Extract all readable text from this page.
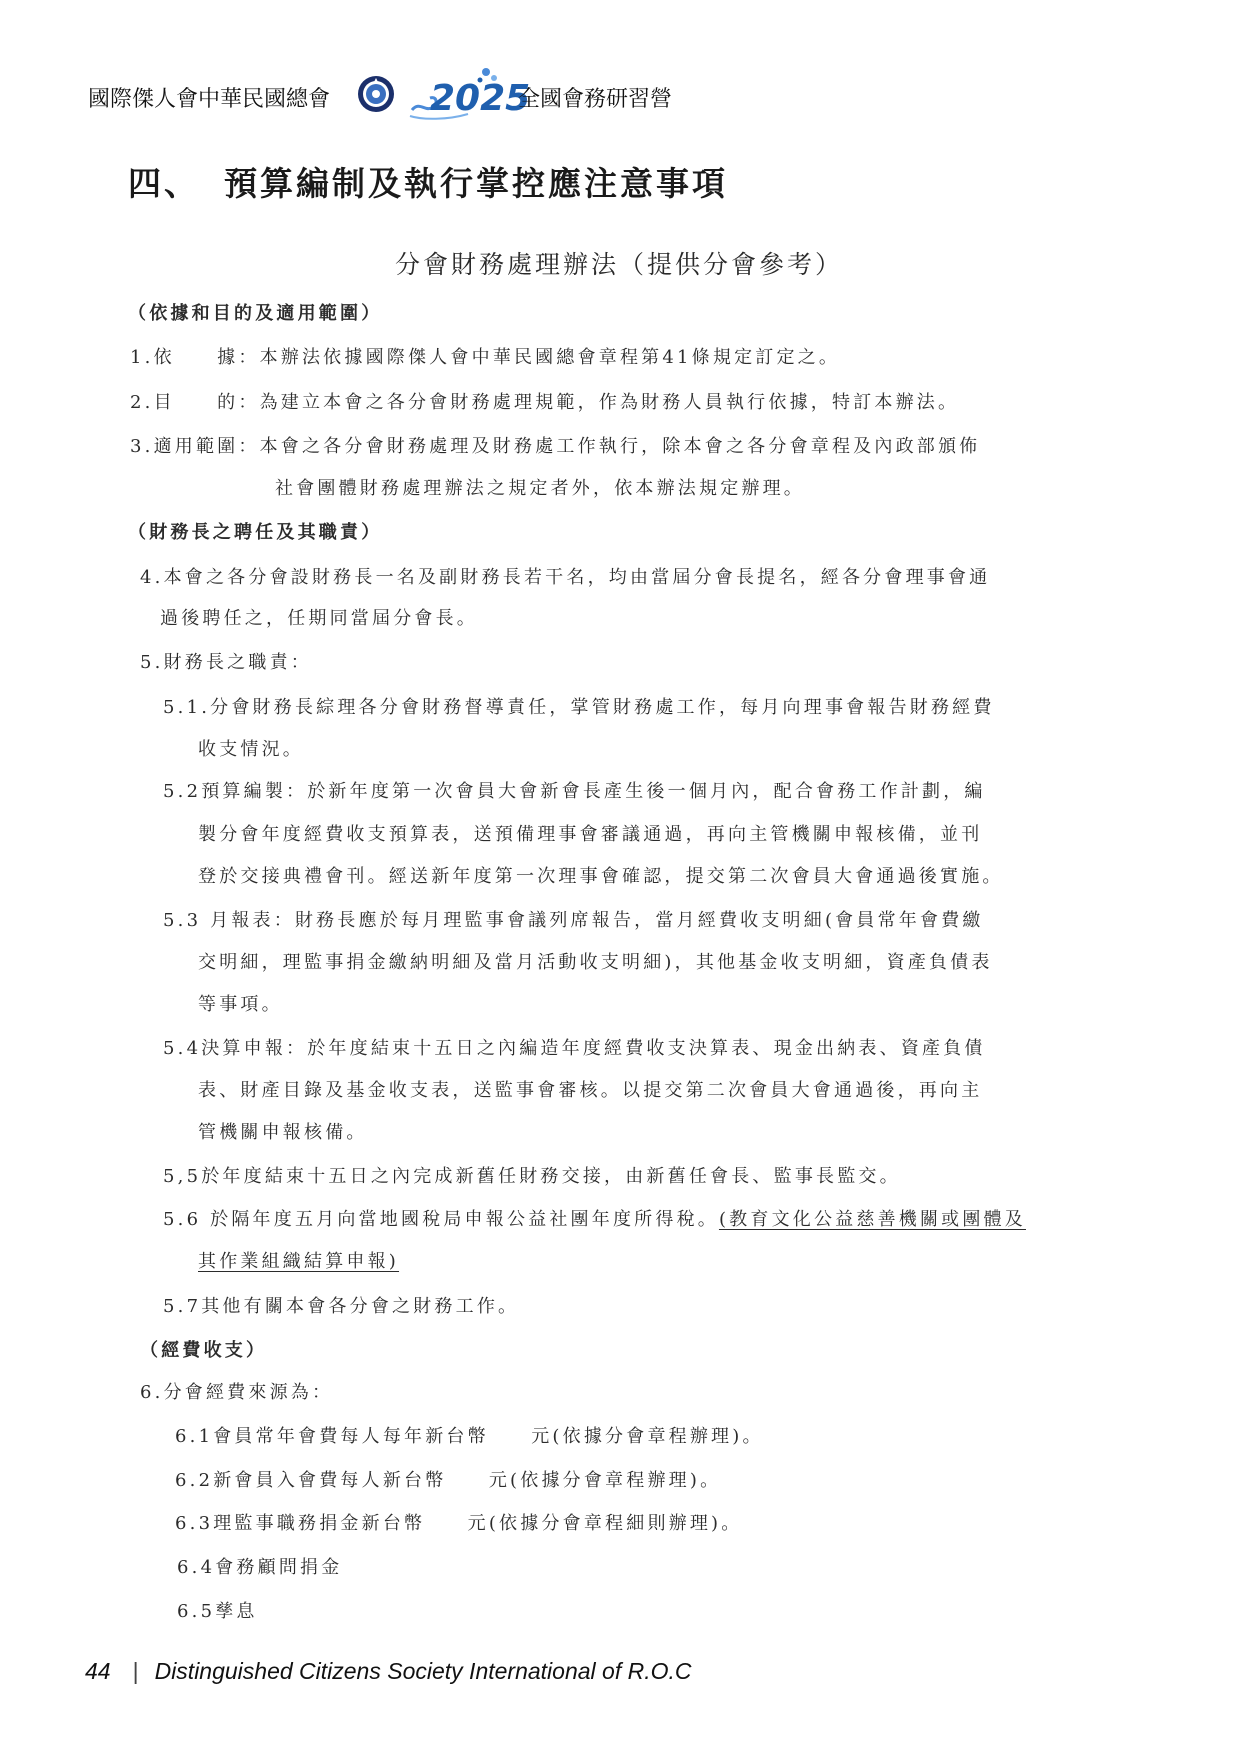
國際傑人會中華民國總會	2025
全國會務研習營
四、 預算編制及執行掌控應注意事項
分會財務處理辦法（提供分會參考）
（依據和目的及適用範圍）
1.依　　據：本辦法依據國際傑人會中華民國總會章程第41條規定訂定之。
2.目　　的：為建立本會之各分會財務處理規範，作為財務人員執行依據，特訂本辦法。
3.適用範圍：本會之各分會財務處理及財務處工作執行，除本會之各分會章程及內政部頒佈
社會團體財務處理辦法之規定者外，依本辦法規定辦理。
（財務長之聘任及其職責）
4.本會之各分會設財務長一名及副財務長若干名，均由當屆分會長提名，經各分會理事會通
過後聘任之，任期同當屆分會長。
5.財務長之職責：
5.1.分會財務長綜理各分會財務督導責任，掌管財務處工作，每月向理事會報告財務經費
收支情況。
5.2預算編製：於新年度第一次會員大會新會長產生後一個月內，配合會務工作計劃，編
製分會年度經費收支預算表，送預備理事會審議通過，再向主管機關申報核備，並刊
登於交接典禮會刊。經送新年度第一次理事會確認，提交第二次會員大會通過後實施。
5.3 月報表：財務長應於每月理監事會議列席報告，當月經費收支明細(會員常年會費繳
交明細，理監事捐金繳納明細及當月活動收支明細)，其他基金收支明細，資產負債表
等事項。
5.4決算申報：於年度結束十五日之內編造年度經費收支決算表、現金出納表、資產負債
表、財產目錄及基金收支表，送監事會審核。以提交第二次會員大會通過後，再向主
管機關申報核備。
5,5於年度結束十五日之內完成新舊任財務交接，由新舊任會長、監事長監交。
5.6 於隔年度五月向當地國稅局申報公益社團年度所得稅。(教育文化公益慈善機關或團體及
其作業組織結算申報)
5.7其他有關本會各分會之財務工作。
（經費收支）
6.分會經費來源為：
6.1會員常年會費每人每年新台幣　　元(依據分會章程辦理)。
6.2新會員入會費每人新台幣　　元(依據分會章程辦理)。
6.3理監事職務捐金新台幣　　元(依據分會章程細則辦理)。
6.4會務顧問捐金
6.5孳息
44 | Distinguished Citizens Society International of R.O.C
